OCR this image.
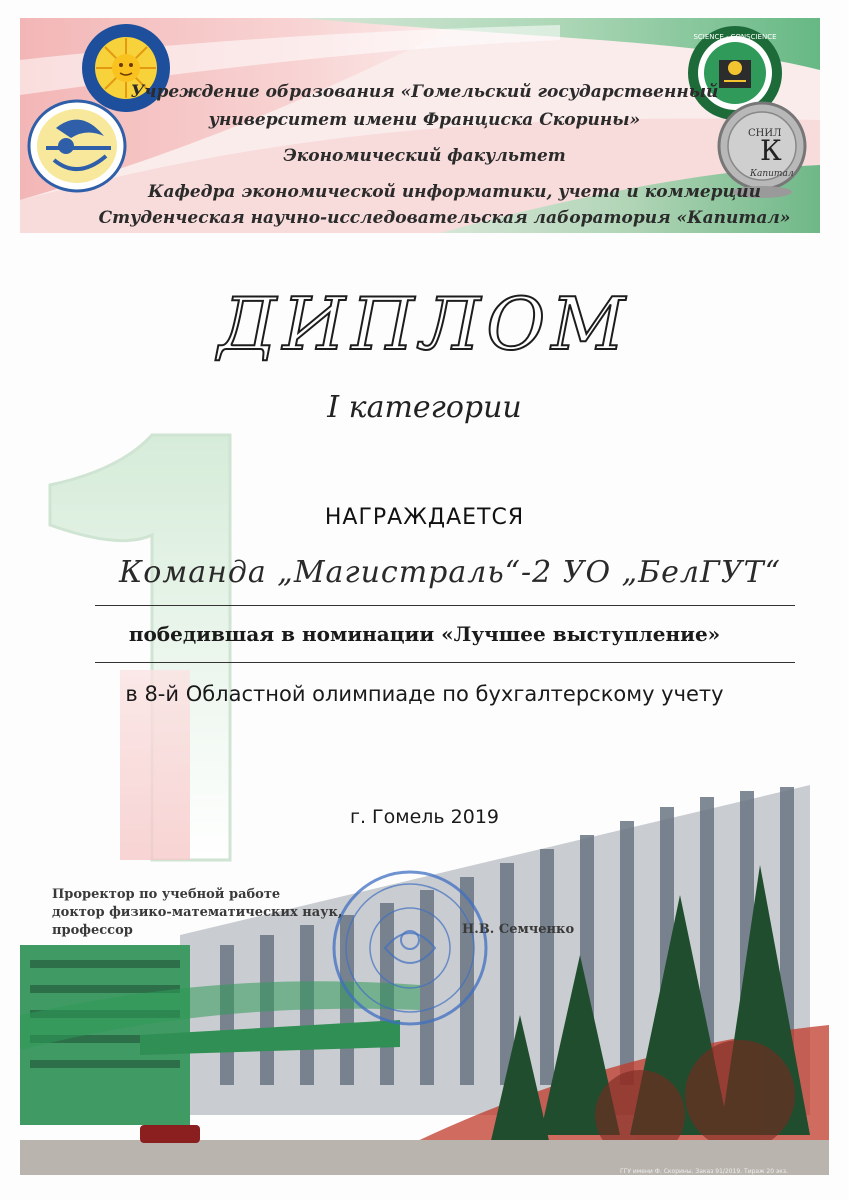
SCIENCE · CONSCIENCE
СНИЛ
К
Капитал
Учреждение образования «Гомельский государственный
университет имени Франциска Скорины»
Экономический факультет
Кафедра экономической информатики, учета и коммерции
Студенческая научно-исследовательская лаборатория «Капитал»
ДИПЛОМ
I категории
НАГРАЖДАЕТСЯ
Команда „Магистраль“-2 УО „БелГУТ“
победившая в номинации «Лучшее выступление»
в 8-й Областной олимпиаде по бухгалтерскому учету
г. Гомель 2019
Проректор по учебной работе
доктор физико-математических наук,
профессор	Н.В. Семченко
ГГУ имени Ф. Скорины. Заказ 91/2019. Тираж 20 экз.
